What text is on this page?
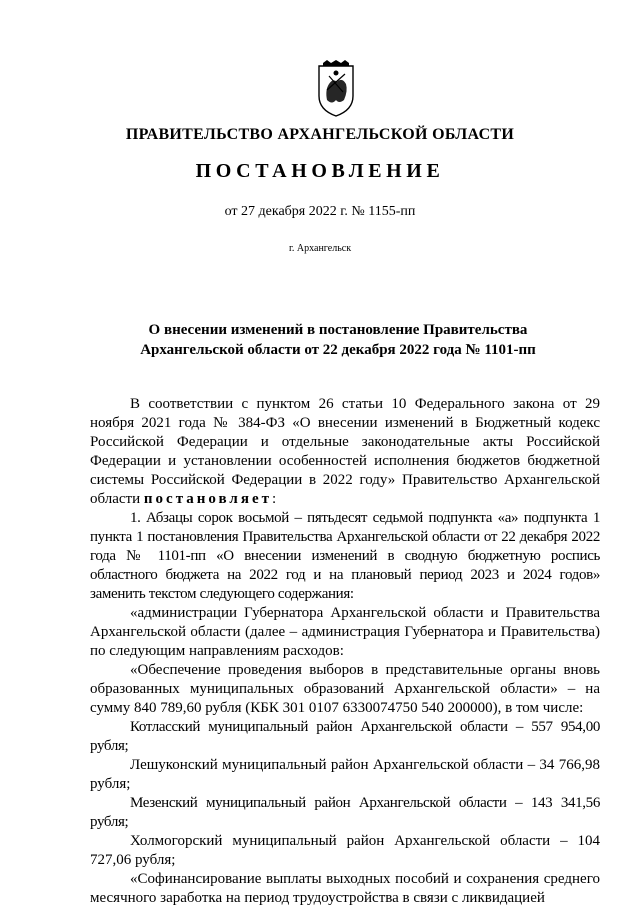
ПРАВИТЕЛЬСТВО АРХАНГЕЛЬСКОЙ ОБЛАСТИ
ПОСТАНОВЛЕНИЕ
от 27 декабря 2022 г. № 1155-пп
г. Архангельск
О внесении изменений в постановление Правительства
Архангельской области от 22 декабря 2022 года № 1101-пп

В соответствии с пунктом 26 статьи 10 Федерального закона от 29 ноября 2021 года № 384-ФЗ «О внесении изменений в Бюджетный кодекс Российской Федерации и отдельные законодательные акты Российской Федерации и установлении особенностей исполнения бюджетов бюджетной системы Российской Федерации в 2022 году» Правительство Архангельской области постановляет:

1. Абзацы сорок восьмой – пятьдесят седьмой подпункта «а» подпункта 1 пункта 1 постановления Правительства Архангельской области от 22 декабря 2022 года № 1101-пп «О внесении изменений в сводную бюджетную роспись областного бюджета на 2022 год и на плановый период 2023 и 2024 годов» заменить текстом следующего содержания:

«администрации Губернатора Архангельской области и Правительства Архангельской области (далее – администрация Губернатора и Правительства) по следующим направлениям расходов:

«Обеспечение проведения выборов в представительные органы вновь образованных муниципальных образований Архангельской области» – на сумму 840 789,60 рубля (КБК 301 0107 6330074750 540 200000), в том числе:

Котласский муниципальный район Архангельской области – 557 954,00 рубля;

Лешуконский муниципальный район Архангельской области – 34 766,98 рубля;

Мезенский муниципальный район Архангельской области – 143 341,56 рубля;

Холмогорский муниципальный район Архангельской области – 104 727,06 рубля;

«Софинансирование выплаты выходных пособий и сохранения среднего месячного заработка на период трудоустройства в связи с ликвидацией
